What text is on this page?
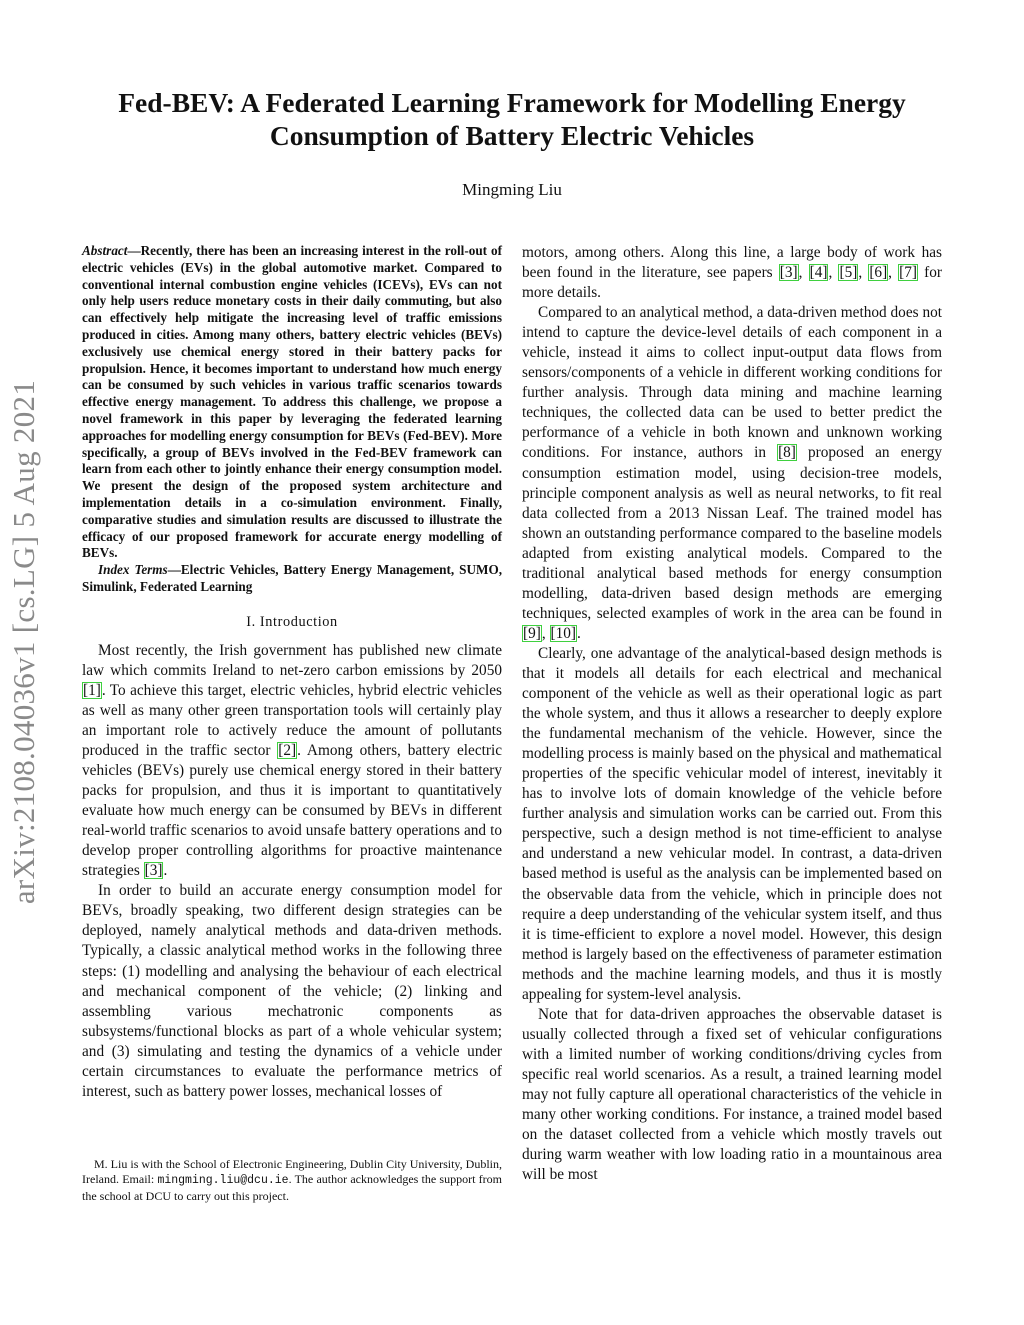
arXiv:2108.04036v1 [cs.LG] 5 Aug 2021
Fed-BEV: A Federated Learning Framework for Modelling Energy
Consumption of Battery Electric Vehicles
Mingming Liu

Abstract—Recently, there has been an increasing interest in the roll-out of electric vehicles (EVs) in the global automotive market. Compared to conventional internal combustion engine vehicles (ICEVs), EVs can not only help users reduce monetary costs in their daily commuting, but also can effectively help mitigate the increasing level of traffic emissions produced in cities. Among many others, battery electric vehicles (BEVs) exclusively use chemical energy stored in their battery packs for propulsion. Hence, it becomes important to understand how much energy can be consumed by such vehicles in various traffic scenarios towards effective energy management. To address this challenge, we propose a novel framework in this paper by leveraging the federated learning approaches for modelling energy consumption for BEVs (Fed-BEV). More specifically, a group of BEVs involved in the Fed-BEV framework can learn from each other to jointly enhance their energy consumption model. We present the design of the proposed system architecture and implementation details in a co-simulation environment. Finally, comparative studies and simulation results are discussed to illustrate the efficacy of our proposed framework for accurate energy modelling of BEVs.

Index Terms—Electric Vehicles, Battery Energy Management, SUMO, Simulink, Federated Learning

I. Introduction

Most recently, the Irish government has published new climate law which commits Ireland to net-zero carbon emissions by 2050 [1]. To achieve this target, electric vehicles, hybrid electric vehicles as well as many other green transportation tools will certainly play an important role to actively reduce the amount of pollutants produced in the traffic sector [2]. Among others, battery electric vehicles (BEVs) purely use chemical energy stored in their battery packs for propulsion, and thus it is important to quantitatively evaluate how much energy can be consumed by BEVs in different real-world traffic scenarios to avoid unsafe battery operations and to develop proper controlling algorithms for proactive maintenance strategies [3].

In order to build an accurate energy consumption model for BEVs, broadly speaking, two different design strategies can be deployed, namely analytical methods and data-driven methods. Typically, a classic analytical method works in the following three steps: (1) modelling and analysing the behaviour of each electrical and mechanical component of the vehicle; (2) linking and assembling various mechatronic components as subsystems/functional blocks as part of a whole vehicular system; and (3) simulating and testing the dynamics of a vehicle under certain circumstances to evaluate the performance metrics of interest, such as battery power losses, mechanical losses of

M. Liu is with the School of Electronic Engineering, Dublin City University, Dublin, Ireland. Email: mingming.liu@dcu.ie. The author acknowledges the support from the school at DCU to carry out this project.

motors, among others. Along this line, a large body of work has been found in the literature, see papers [3], [4], [5], [6], [7] for more details.

Compared to an analytical method, a data-driven method does not intend to capture the device-level details of each component in a vehicle, instead it aims to collect input-output data flows from sensors/components of a vehicle in different working conditions for further analysis. Through data mining and machine learning techniques, the collected data can be used to better predict the performance of a vehicle in both known and unknown working conditions. For instance, authors in [8] proposed an energy consumption estimation model, using decision-tree models, principle component analysis as well as neural networks, to fit real data collected from a 2013 Nissan Leaf. The trained model has shown an outstanding performance compared to the baseline models adapted from existing analytical models. Compared to the traditional analytical based methods for energy consumption modelling, data-driven based design methods are emerging techniques, selected examples of work in the area can be found in [9], [10].

Clearly, one advantage of the analytical-based design methods is that it models all details for each electrical and mechanical component of the vehicle as well as their operational logic as part the whole system, and thus it allows a researcher to deeply explore the fundamental mechanism of the vehicle. However, since the modelling process is mainly based on the physical and mathematical properties of the specific vehicular model of interest, inevitably it has to involve lots of domain knowledge of the vehicle before further analysis and simulation works can be carried out. From this perspective, such a design method is not time-efficient to analyse and understand a new vehicular model. In contrast, a data-driven based method is useful as the analysis can be implemented based on the observable data from the vehicle, which in principle does not require a deep understanding of the vehicular system itself, and thus it is time-efficient to explore a novel model. However, this design method is largely based on the effectiveness of parameter estimation methods and the machine learning models, and thus it is mostly appealing for system-level analysis.

Note that for data-driven approaches the observable dataset is usually collected through a fixed set of vehicular configurations with a limited number of working conditions/driving cycles from specific real world scenarios. As a result, a trained learning model may not fully capture all operational characteristics of the vehicle in many other working conditions. For instance, a trained model based on the dataset collected from a vehicle which mostly travels out during warm weather with low loading ratio in a mountainous area will be most
